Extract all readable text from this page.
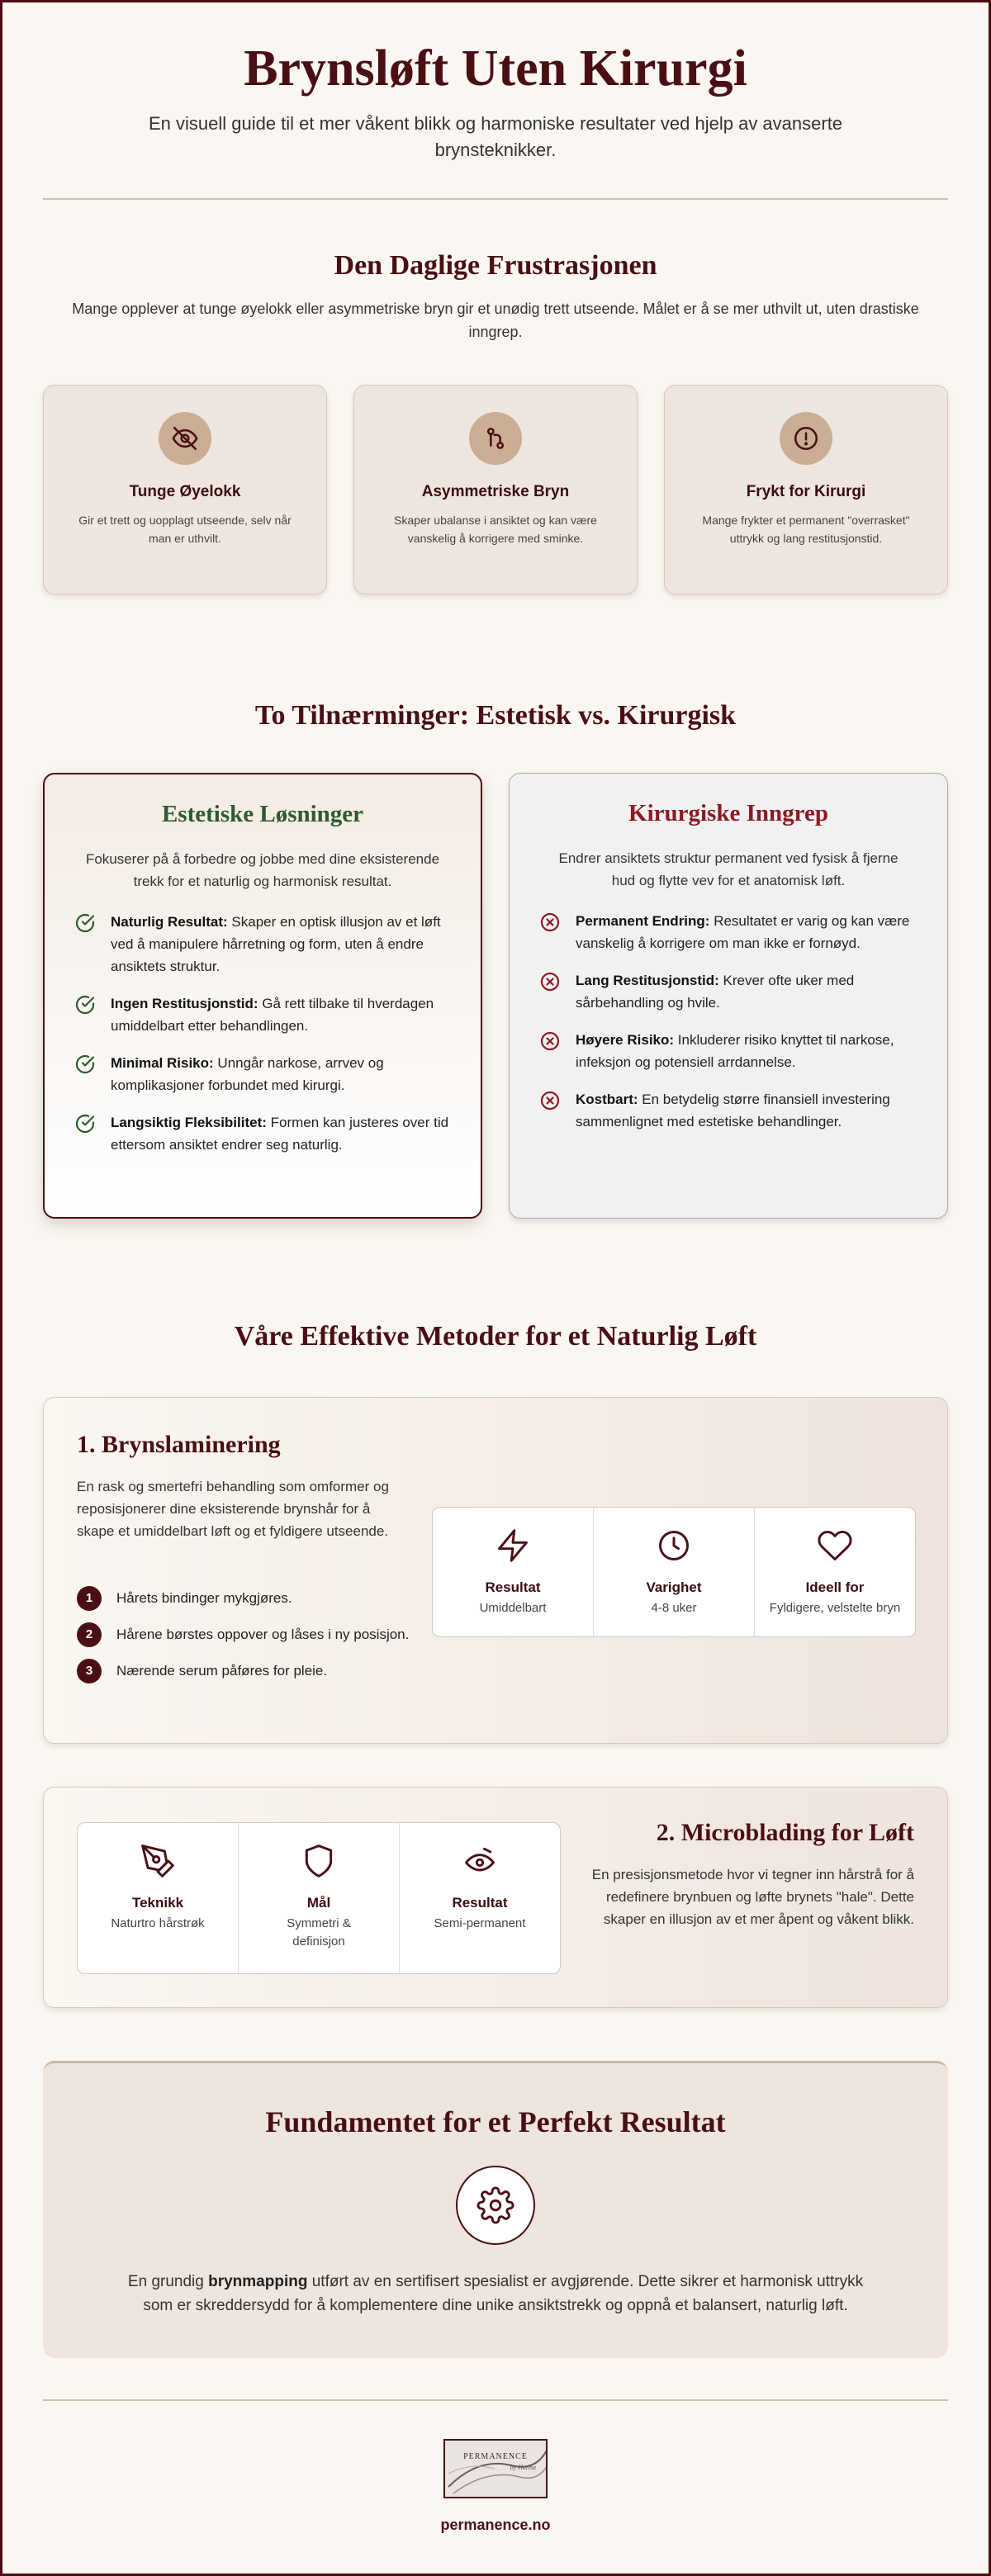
Brynsløft Uten Kirurgi

En visuell guide til et mer våkent blikk og harmoniske resultater ved hjelp av avanserte brynsteknikker.

Den Daglige Frustrasjonen

Mange opplever at tunge øyelokk eller asymmetriske bryn gir et unødig trett utseende. Målet er å se mer uthvilt ut, uten drastiske inngrep.

Tunge Øyelokk

Gir et trett og uopplagt utseende, selv når man er uthvilt.

Asymmetriske Bryn

Skaper ubalanse i ansiktet og kan være vanskelig å korrigere med sminke.

Frykt for Kirurgi

Mange frykter et permanent "overrasket" uttrykk og lang restitusjonstid.

To Tilnærminger: Estetisk vs. Kirurgisk
Estetiske Løsninger

Fokuserer på å forbedre og jobbe med dine eksisterende trekk for et naturlig og harmonisk resultat.

Naturlig Resultat: Skaper en optisk illusjon av et løft ved å manipulere hårretning og form, uten å endre ansiktets struktur.
Ingen Restitusjonstid: Gå rett tilbake til hverdagen umiddelbart etter behandlingen.
Minimal Risiko: Unngår narkose, arrvev og komplikasjoner forbundet med kirurgi.
Langsiktig Fleksibilitet: Formen kan justeres over tid ettersom ansiktet endrer seg naturlig.
Kirurgiske Inngrep

Endrer ansiktets struktur permanent ved fysisk å fjerne hud og flytte vev for et anatomisk løft.

Permanent Endring: Resultatet er varig og kan være vanskelig å korrigere om man ikke er fornøyd.
Lang Restitusjonstid: Krever ofte uker med sårbehandling og hvile.
Høyere Risiko: Inkluderer risiko knyttet til narkose, infeksjon og potensiell arrdannelse.
Kostbart: En betydelig større finansiell investering sammenlignet med estetiske behandlinger.
Våre Effektive Metoder for et Naturlig Løft
1. Brynslaminering

En rask og smertefri behandling som omformer og reposisjonerer dine eksisterende brynshår for å skape et umiddelbart løft og et fyldigere utseende.

1	Hårets bindinger mykgjøres.
2	Hårene børstes oppover og låses i ny posisjon.
3	Nærende serum påføres for pleie.
Resultat
Umiddelbart
Varighet
4-8 uker
Ideell for
Fyldigere, velstelte bryn
Teknikk
Naturtro hårstrøk
Mål
Symmetri & definisjon
Resultat
Semi-permanent
2. Microblading for Løft

En presisjonsmetode hvor vi tegner inn hårstrå for å redefinere brynbuen og løfte brynets "hale". Dette skaper en illusjon av et mer åpent og våkent blikk.

Fundamentet for et Perfekt Resultat

En grundig brynmapping utført av en sertifisert spesialist er avgjørende. Dette sikrer et harmonisk uttrykk som er skreddersydd for å komplementere dine unike ansiktstrekk og oppnå et balansert, naturlig løft.

PERMANENCE
by Hanna
permanence.no
